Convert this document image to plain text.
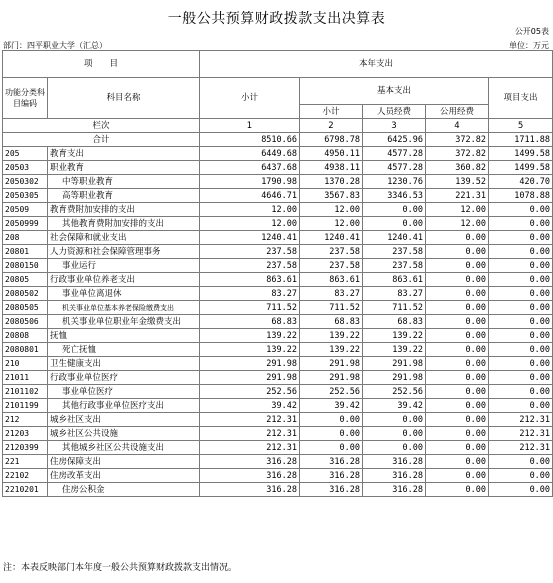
一般公共预算财政拨款支出决算表
公开05表
部门：四平职业大学（汇总）	单位：万元
项　　目		本年支出				
功能分类科目编码	科目名称	小计	基本支出			项目支出
			小计	人员经费	公用经费	
栏次		1	2	3	4	5
合计		8510.66	6798.78	6425.96	372.82	1711.88
205	教育支出	6449.68	4950.11	4577.28	372.82	1499.58
20503	职业教育	6437.68	4938.11	4577.28	360.82	1499.58
2050302	中等职业教育	1790.98	1370.28	1230.76	139.52	420.70
2050305	高等职业教育	4646.71	3567.83	3346.53	221.31	1078.88
20509	教育费附加安排的支出	12.00	12.00	0.00	12.00	0.00
2050999	其他教育费附加安排的支出	12.00	12.00	0.00	12.00	0.00
208	社会保障和就业支出	1240.41	1240.41	1240.41	0.00	0.00
20801	人力资源和社会保障管理事务	237.58	237.58	237.58	0.00	0.00
2080150	事业运行	237.58	237.58	237.58	0.00	0.00
20805	行政事业单位养老支出	863.61	863.61	863.61	0.00	0.00
2080502	事业单位离退休	83.27	83.27	83.27	0.00	0.00
2080505	机关事业单位基本养老保险缴费支出	711.52	711.52	711.52	0.00	0.00
2080506	机关事业单位职业年金缴费支出	68.83	68.83	68.83	0.00	0.00
20808	抚恤	139.22	139.22	139.22	0.00	0.00
2080801	死亡抚恤	139.22	139.22	139.22	0.00	0.00
210	卫生健康支出	291.98	291.98	291.98	0.00	0.00
21011	行政事业单位医疗	291.98	291.98	291.98	0.00	0.00
2101102	事业单位医疗	252.56	252.56	252.56	0.00	0.00
2101199	其他行政事业单位医疗支出	39.42	39.42	39.42	0.00	0.00
212	城乡社区支出	212.31	0.00	0.00	0.00	212.31
21203	城乡社区公共设施	212.31	0.00	0.00	0.00	212.31
2120399	其他城乡社区公共设施支出	212.31	0.00	0.00	0.00	212.31
221	住房保障支出	316.28	316.28	316.28	0.00	0.00
22102	住房改革支出	316.28	316.28	316.28	0.00	0.00
2210201	住房公积金	316.28	316.28	316.28	0.00	0.00
注：本表反映部门本年度一般公共预算财政拨款支出情况。
